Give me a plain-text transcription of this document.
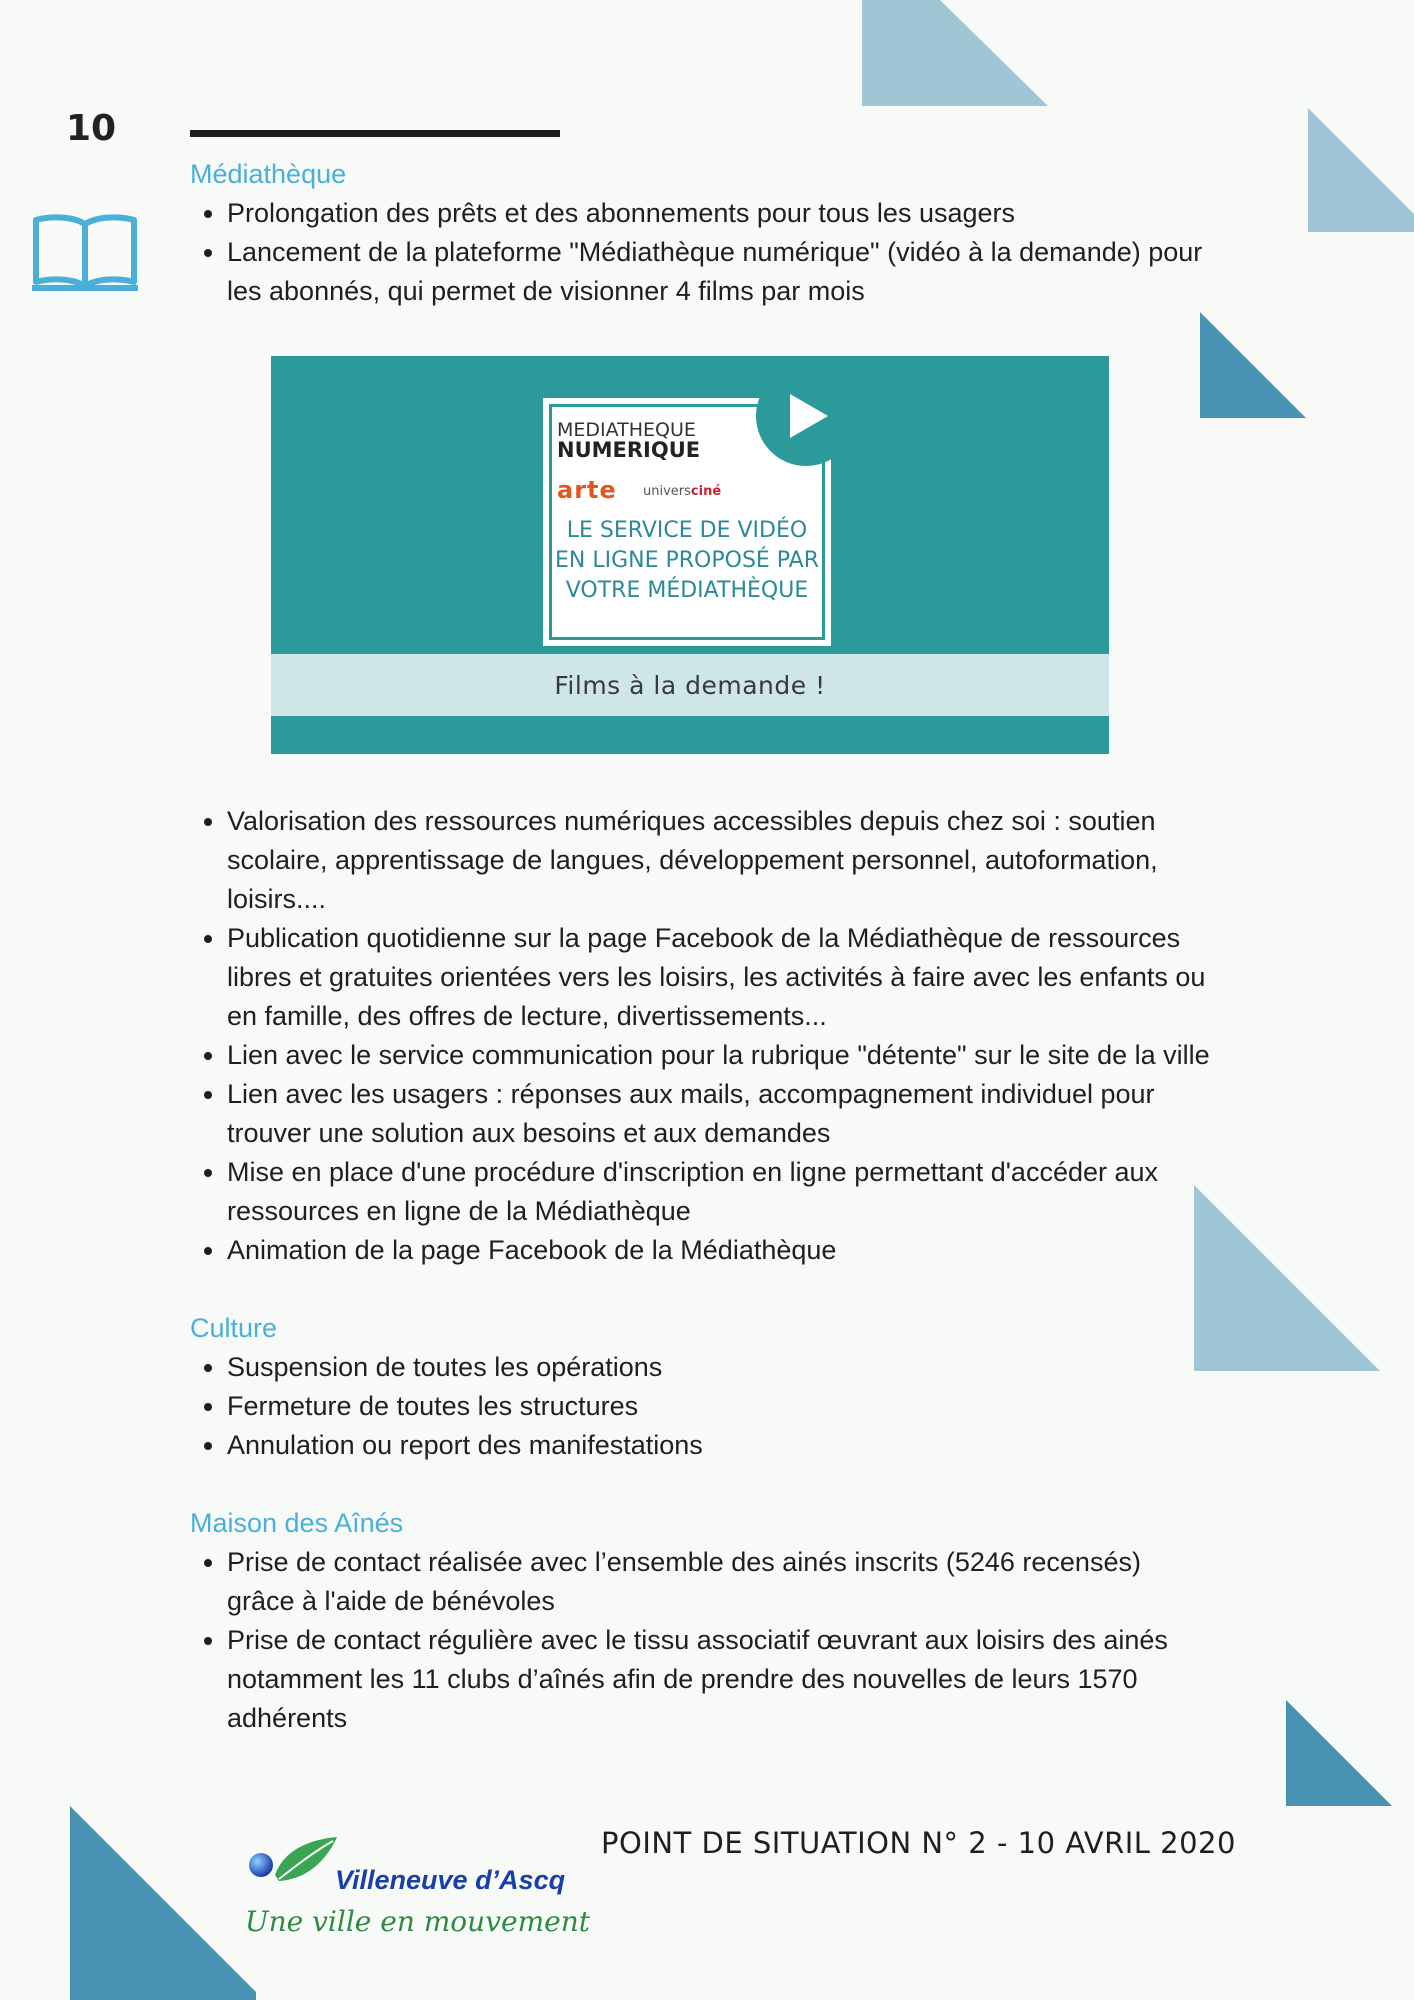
10
Médiathèque
• Prolongation des prêts et des abonnements pour tous les usagers
• Lancement de la plateforme "Médiathèque numérique" (vidéo à la demande) pour les abonnés, qui permet de visionner 4 films par mois
MEDIATHEQUE
NUMERIQUE
arte universciné
LE SERVICE DE VIDÉO
EN LIGNE PROPOSÉ PAR
VOTRE MÉDIATHÈQUE
Films à la demande !
• Valorisation des ressources numériques accessibles depuis chez soi : soutien scolaire, apprentissage de langues, développement personnel, autoformation, loisirs....
• Publication quotidienne sur la page Facebook de la Médiathèque de ressources libres et gratuites orientées vers les loisirs, les activités à faire avec les enfants ou en famille, des offres de lecture, divertissements...
• Lien avec le service communication pour la rubrique "détente" sur le site de la ville
• Lien avec les usagers : réponses aux mails, accompagnement individuel pour trouver une solution aux besoins et aux demandes
• Mise en place d'une procédure d'inscription en ligne permettant d'accéder aux ressources en ligne de la Médiathèque
• Animation de la page Facebook de la Médiathèque
Culture
• Suspension de toutes les opérations
• Fermeture de toutes les structures
• Annulation ou report des manifestations
Maison des Aînés
• Prise de contact réalisée avec l’ensemble des ainés inscrits (5246 recensés) grâce à l'aide de bénévoles
• Prise de contact régulière avec le tissu associatif œuvrant aux loisirs des ainés notamment les 11 clubs d’aînés afin de prendre des nouvelles de leurs 1570 adhérents
Villeneuve d’Ascq
Une ville en mouvement
POINT DE SITUATION N° 2 - 10 AVRIL 2020
